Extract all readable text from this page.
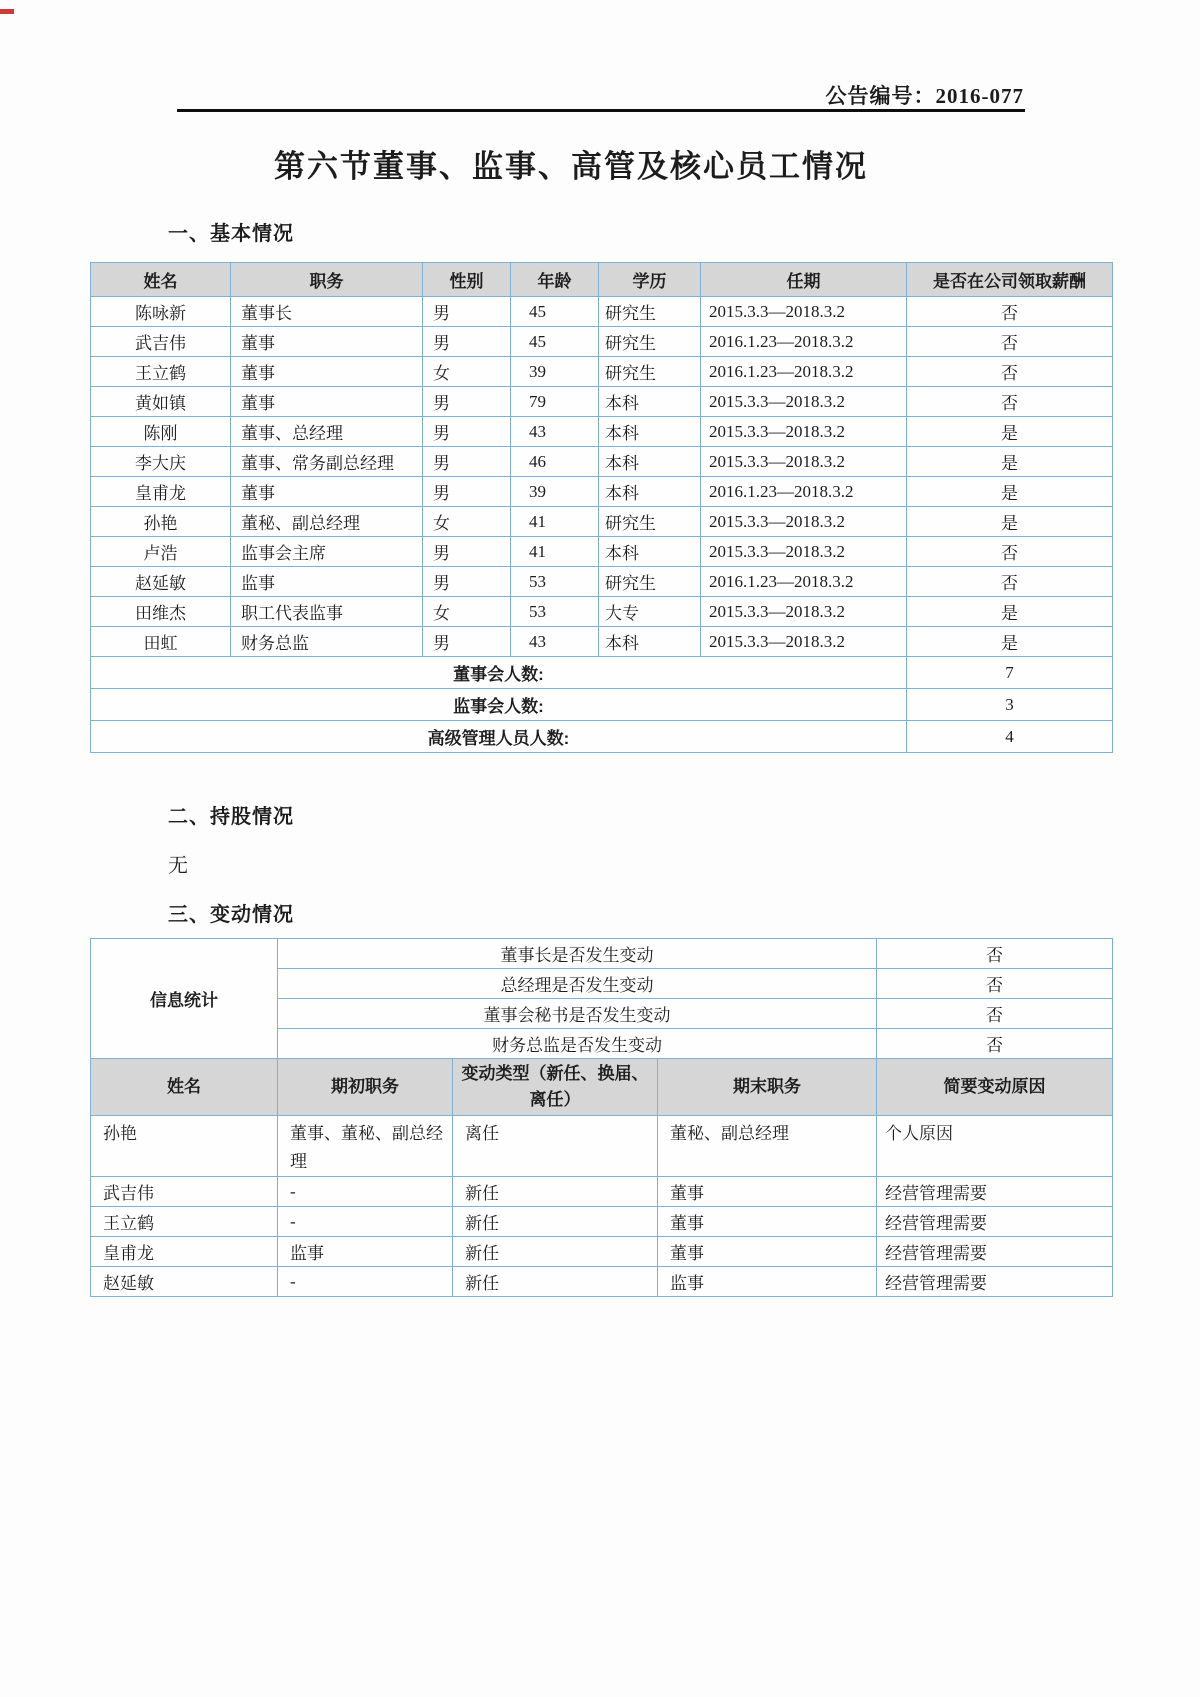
公告编号：2016-077
第六节董事、监事、高管及核心员工情况
一、基本情况
姓名	职务	性别	年龄	学历	任期	是否在公司领取薪酬
陈咏新	董事长	男	45	研究生	2015.3.3—2018.3.2	否
武吉伟	董事	男	45	研究生	2016.1.23—2018.3.2	否
王立鹤	董事	女	39	研究生	2016.1.23—2018.3.2	否
黄如镇	董事	男	79	本科	2015.3.3—2018.3.2	否
陈刚	董事、总经理	男	43	本科	2015.3.3—2018.3.2	是
李大庆	董事、常务副总经理	男	46	本科	2015.3.3—2018.3.2	是
皇甫龙	董事	男	39	本科	2016.1.23—2018.3.2	是
孙艳	董秘、副总经理	女	41	研究生	2015.3.3—2018.3.2	是
卢浩	监事会主席	男	41	本科	2015.3.3—2018.3.2	否
赵延敏	监事	男	53	研究生	2016.1.23—2018.3.2	否
田维杰	职工代表监事	女	53	大专	2015.3.3—2018.3.2	是
田虹	财务总监	男	43	本科	2015.3.3—2018.3.2	是
董事会人数:						7
监事会人数:						3
高级管理人员人数:						4
二、持股情况
无
三、变动情况
信息统计	董事长是否发生变动			否
	总经理是否发生变动			否
	董事会秘书是否发生变动			否
	财务总监是否发生变动			否
姓名	期初职务	变动类型（新任、换届、离任）	期末职务	简要变动原因
孙艳	董事、董秘、副总经理	离任	董秘、副总经理	个人原因
武吉伟	-	新任	董事	经营管理需要
王立鹤	-	新任	董事	经营管理需要
皇甫龙	监事	新任	董事	经营管理需要
赵延敏	-	新任	监事	经营管理需要
